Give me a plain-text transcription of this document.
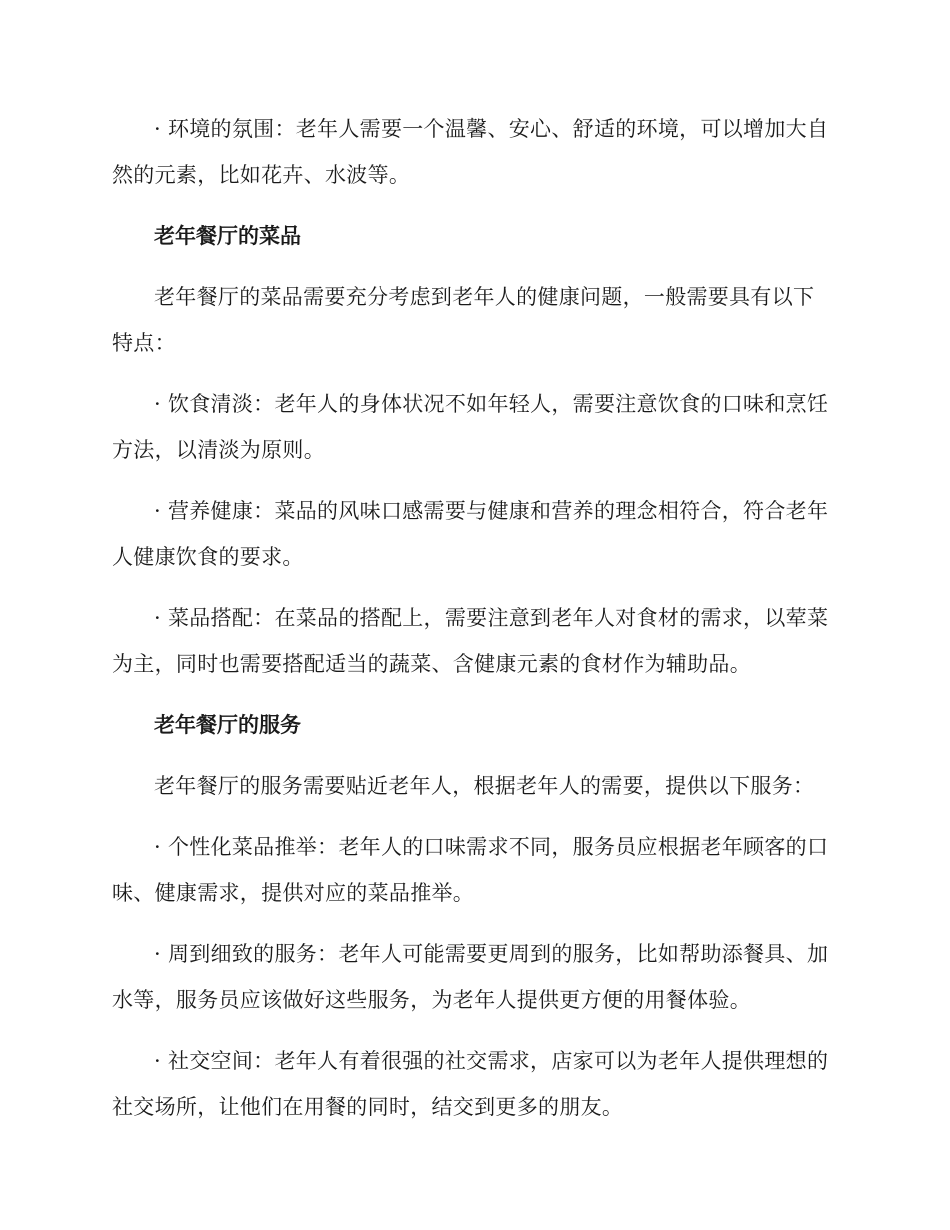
· 环境的氛围：老年人需要一个温馨、安心、舒适的环境，可以增加大自然的元素，比如花卉、水波等。

老年餐厅的菜品

老年餐厅的菜品需要充分考虑到老年人的健康问题，一般需要具有以下特点：

· 饮食清淡：老年人的身体状况不如年轻人，需要注意饮食的口味和烹饪方法，以清淡为原则。

· 营养健康：菜品的风味口感需要与健康和营养的理念相符合，符合老年人健康饮食的要求。

· 菜品搭配：在菜品的搭配上，需要注意到老年人对食材的需求，以荤菜为主，同时也需要搭配适当的蔬菜、含健康元素的食材作为辅助品。

老年餐厅的服务

老年餐厅的服务需要贴近老年人，根据老年人的需要，提供以下服务：

· 个性化菜品推举：老年人的口味需求不同，服务员应根据老年顾客的口味、健康需求，提供对应的菜品推举。

· 周到细致的服务：老年人可能需要更周到的服务，比如帮助添餐具、加水等，服务员应该做好这些服务，为老年人提供更方便的用餐体验。

· 社交空间：老年人有着很强的社交需求，店家可以为老年人提供理想的社交场所，让他们在用餐的同时，结交到更多的朋友。
